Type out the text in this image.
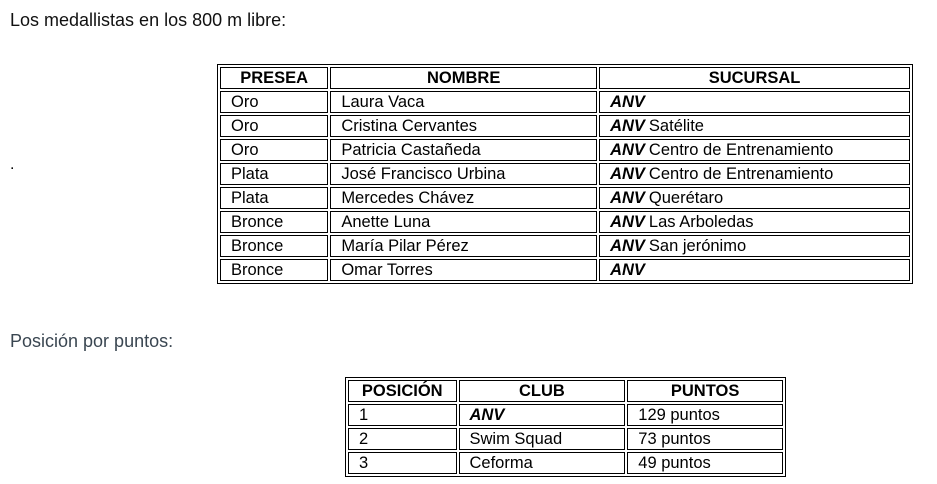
Los medallistas en los 800 m libre:
.
PRESEA	NOMBRE	SUCURSAL
Oro	Laura Vaca	ANV
Oro	Cristina Cervantes	ANV Satélite
Oro	Patricia Castañeda	ANV Centro de Entrenamiento
Plata	José Francisco Urbina	ANV Centro de Entrenamiento
Plata	Mercedes Chávez	ANV Querétaro
Bronce	Anette Luna	ANV Las Arboledas
Bronce	María Pilar Pérez	ANV San jerónimo
Bronce	Omar Torres	ANV
Posición por puntos:
POSICIÓN	CLUB	PUNTOS
1	ANV	129 puntos
2	Swim Squad	73 puntos
3	Ceforma	49 puntos
